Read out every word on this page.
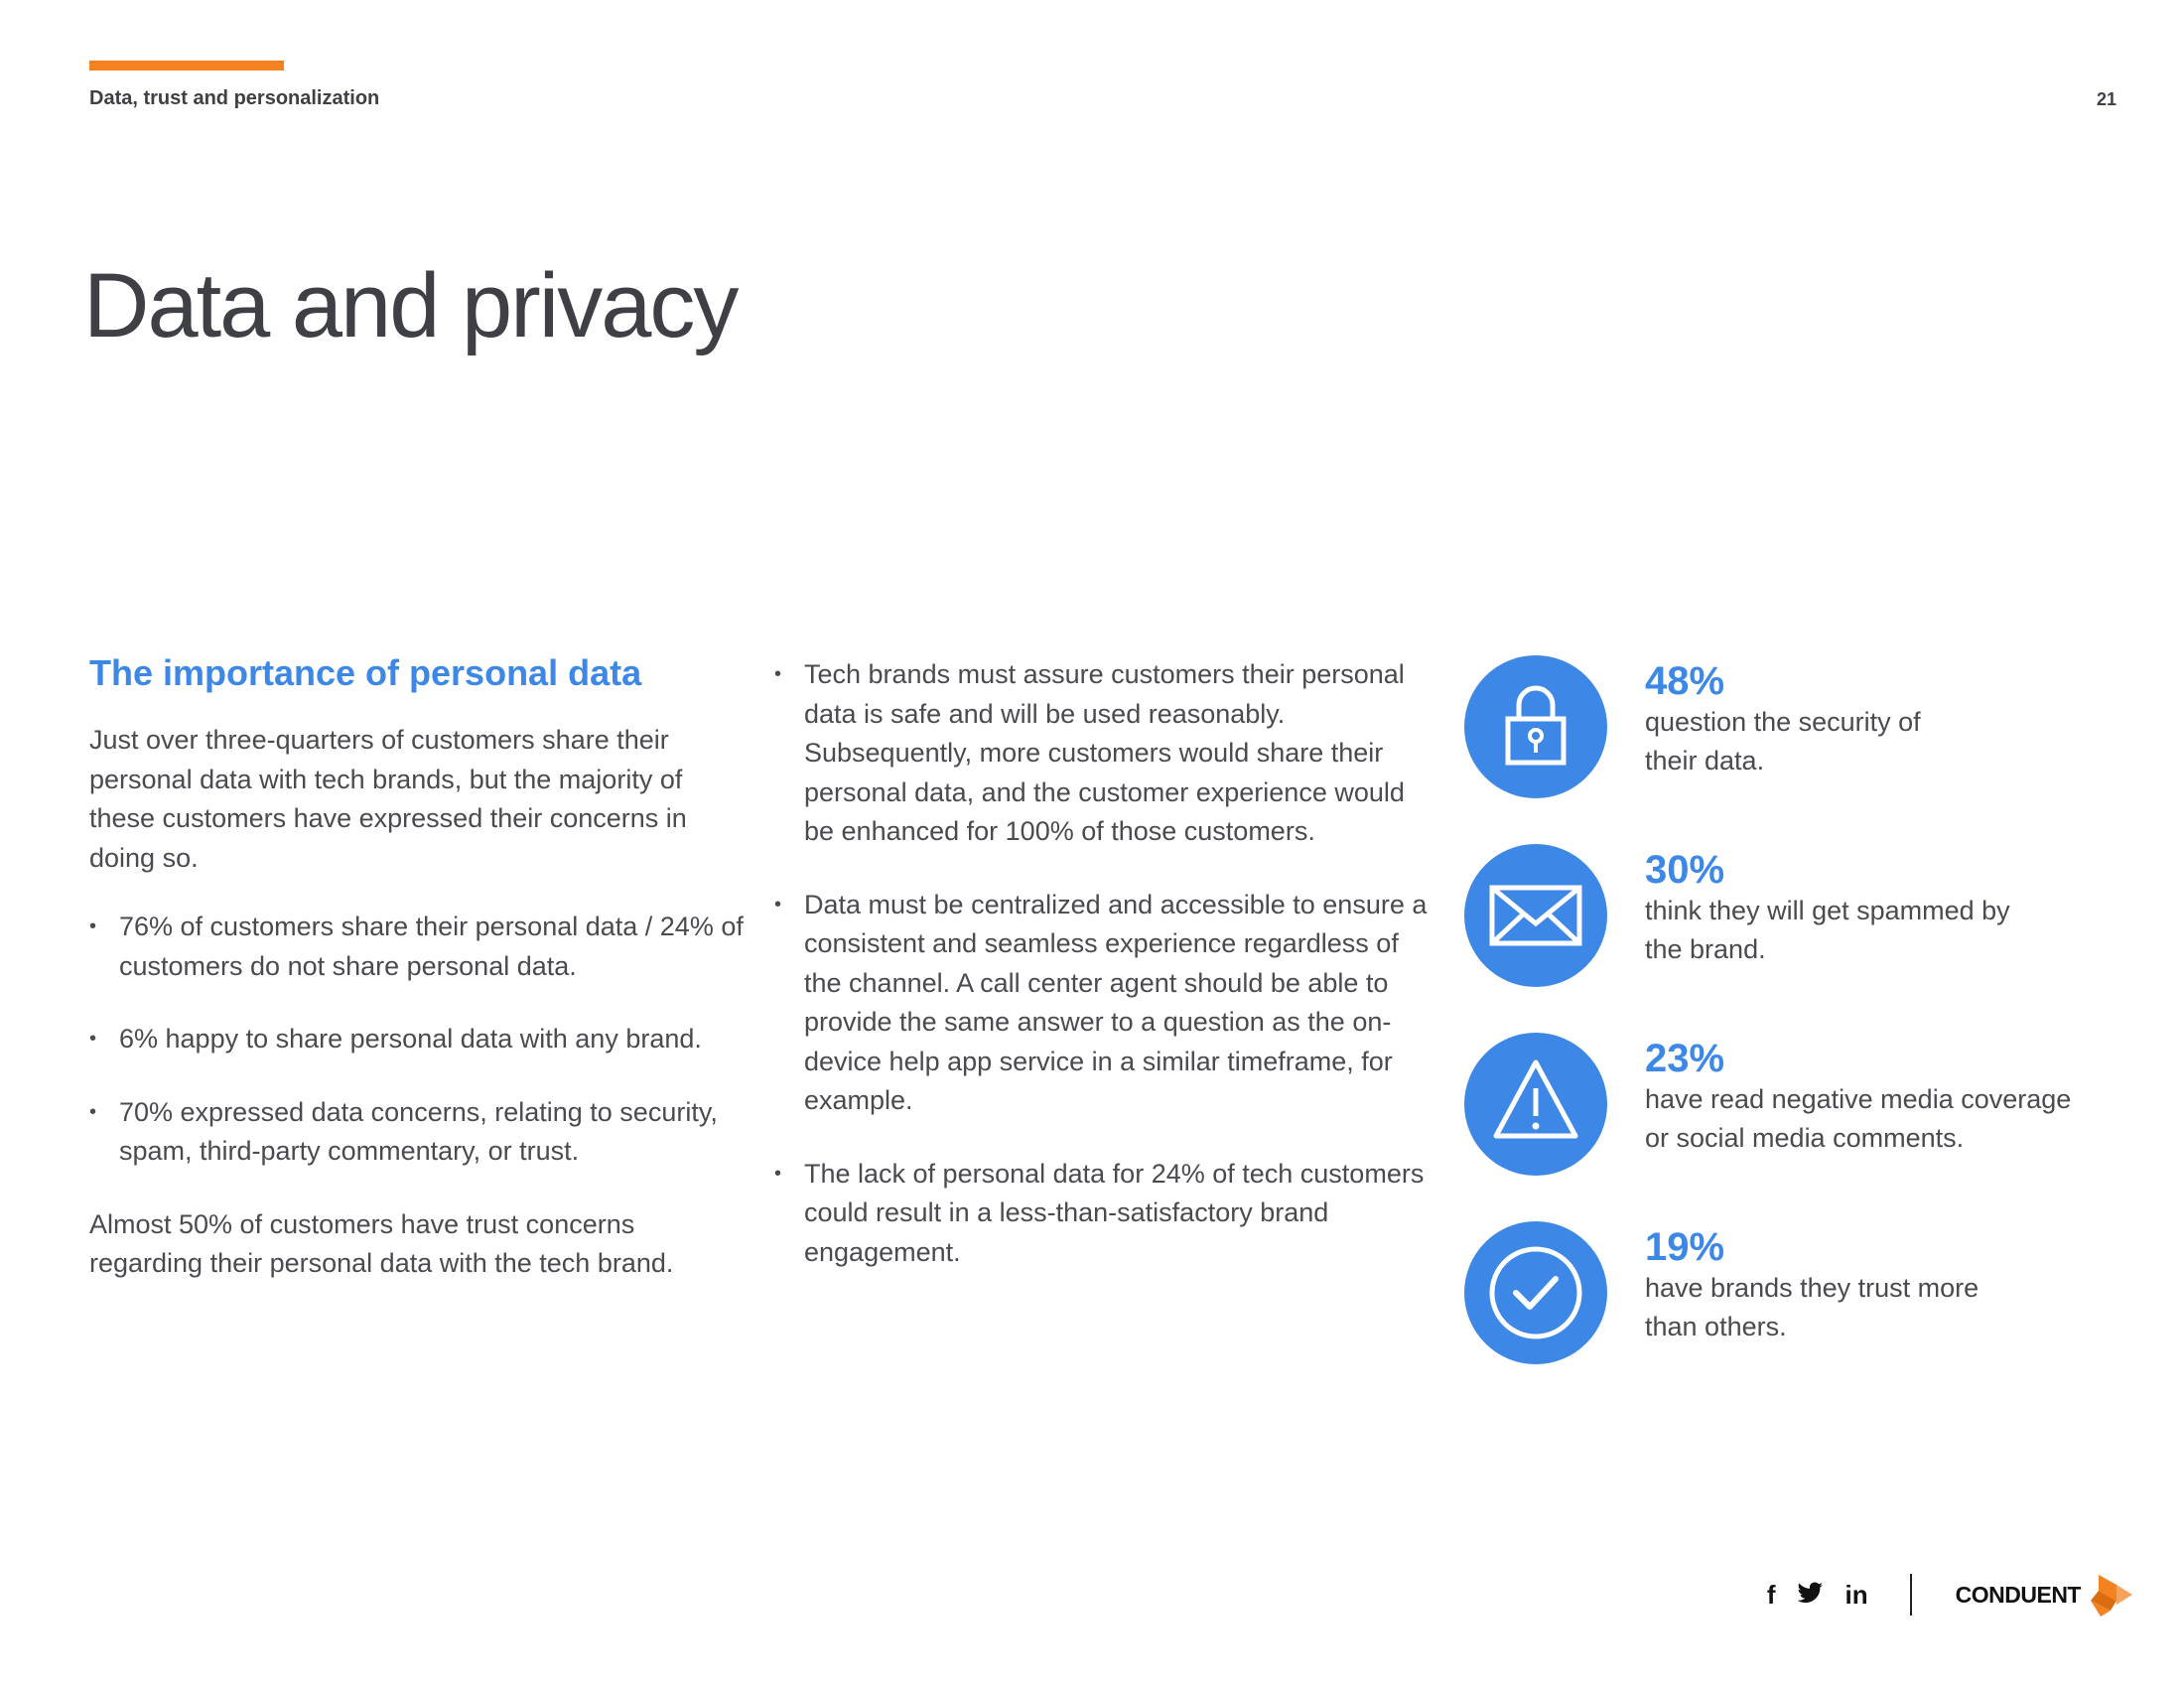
Data, trust and personalization	21
Data and privacy
The importance of personal data

Just over three-quarters of customers share their personal data with tech brands, but the majority of these customers have expressed their concerns in doing so.

• 76% of customers share their personal data / 24% of customers do not share personal data.
• 6% happy to share personal data with any brand.
• 70% expressed data concerns, relating to security, spam, third-party commentary, or trust.

Almost 50% of customers have trust concerns regarding their personal data with the tech brand.

• Tech brands must assure customers their personal data is safe and will be used reasonably. Subsequently, more customers would share their personal data, and the customer experience would be enhanced for 100% of those customers.
• Data must be centralized and accessible to ensure a consistent and seamless experience regardless of the channel. A call center agent should be able to provide the same answer to a question as the on-device help app service in a similar timeframe, for example.
• The lack of personal data for 24% of tech customers could result in a less-than-satisfactory brand engagement.
48%
question the security of
their data.
30%
think they will get spammed by
the brand.
23%
have read negative media coverage
or social media comments.
19%
have brands they trust more
than others.
f	in	CONDUENT
